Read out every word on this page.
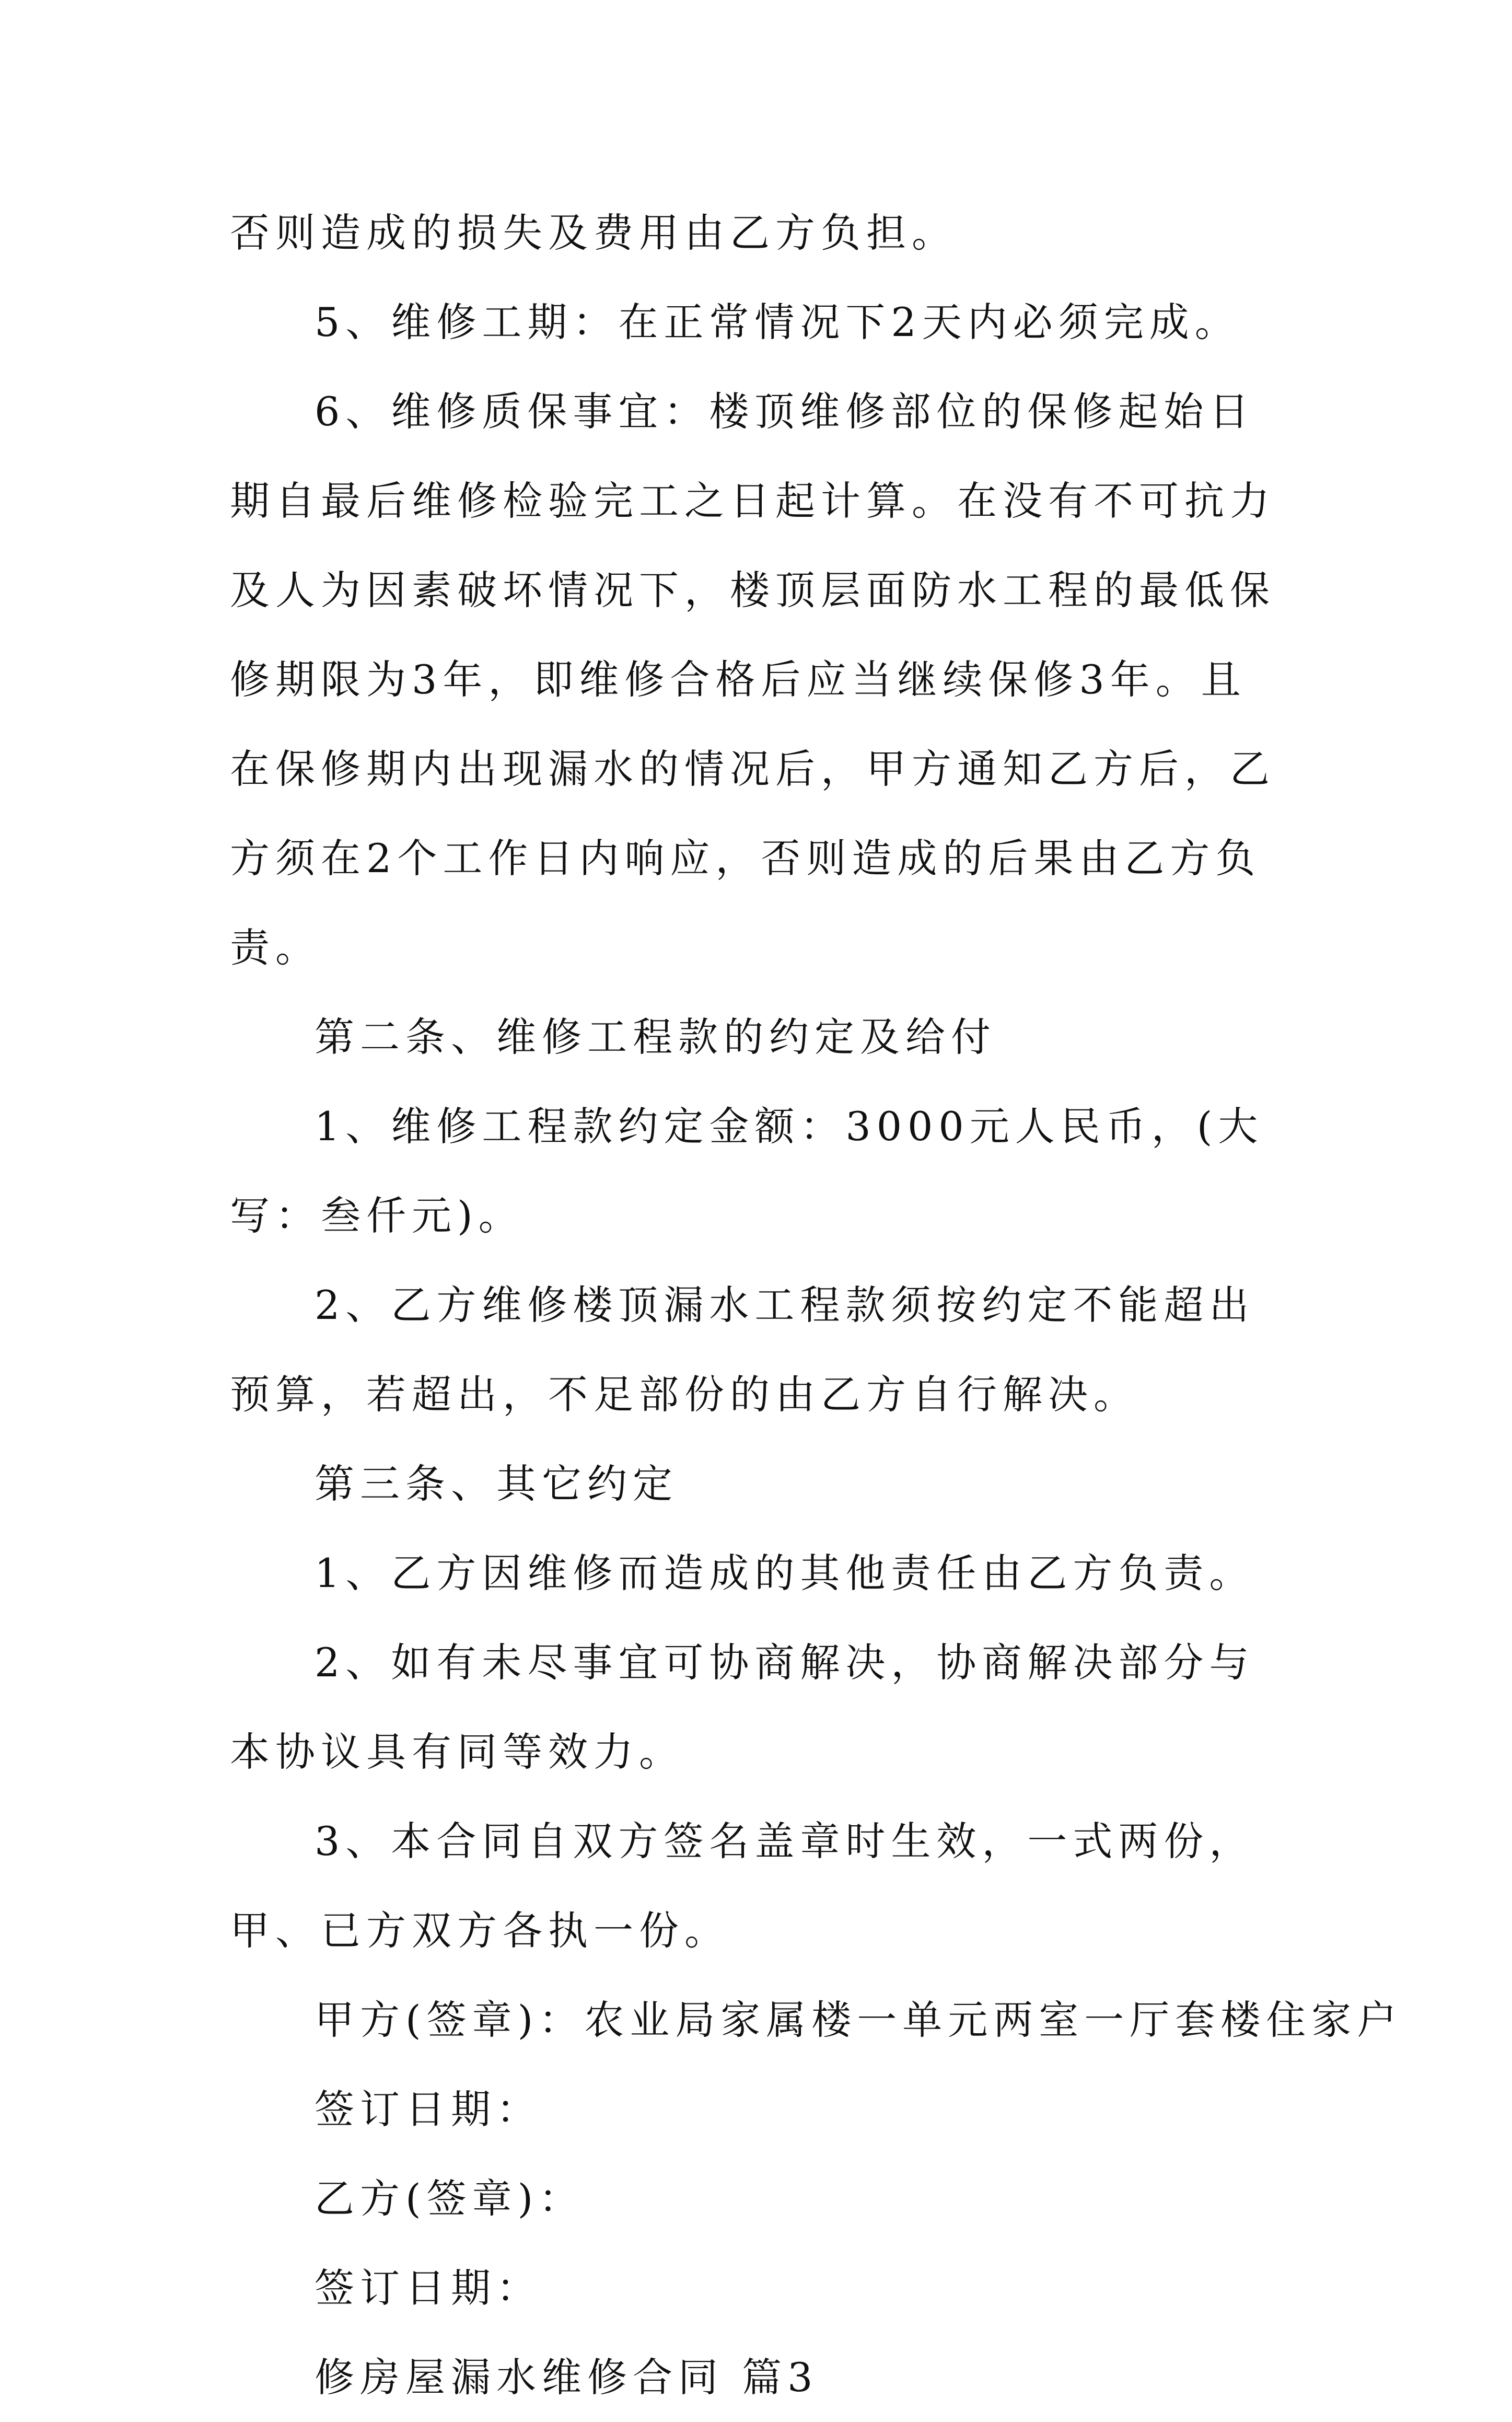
否则造成的损失及费用由乙方负担。

5、维修工期：在正常情况下2天内必须完成。

6、维修质保事宜：楼顶维修部位的保修起始日期自最后维修检验完工之日起计算。在没有不可抗力及人为因素破坏情况下，楼顶层面防水工程的最低保修期限为3年，即维修合格后应当继续保修3年。且在保修期内出现漏水的情况后，甲方通知乙方后，乙方须在2个工作日内响应，否则造成的后果由乙方负责。

第二条、维修工程款的约定及给付

1、维修工程款约定金额：3000元人民币，(大写：叁仟元)。

2、乙方维修楼顶漏水工程款须按约定不能超出预算，若超出，不足部份的由乙方自行解决。

第三条、其它约定

1、乙方因维修而造成的其他责任由乙方负责。

2、如有未尽事宜可协商解决，协商解决部分与本协议具有同等效力。

3、本合同自双方签名盖章时生效，一式两份，甲、已方双方各执一份。

甲方(签章)：农业局家属楼一单元两室一厅套楼住家户

签订日期：

乙方(签章)：

签订日期：

修房屋漏水维修合同 篇3
